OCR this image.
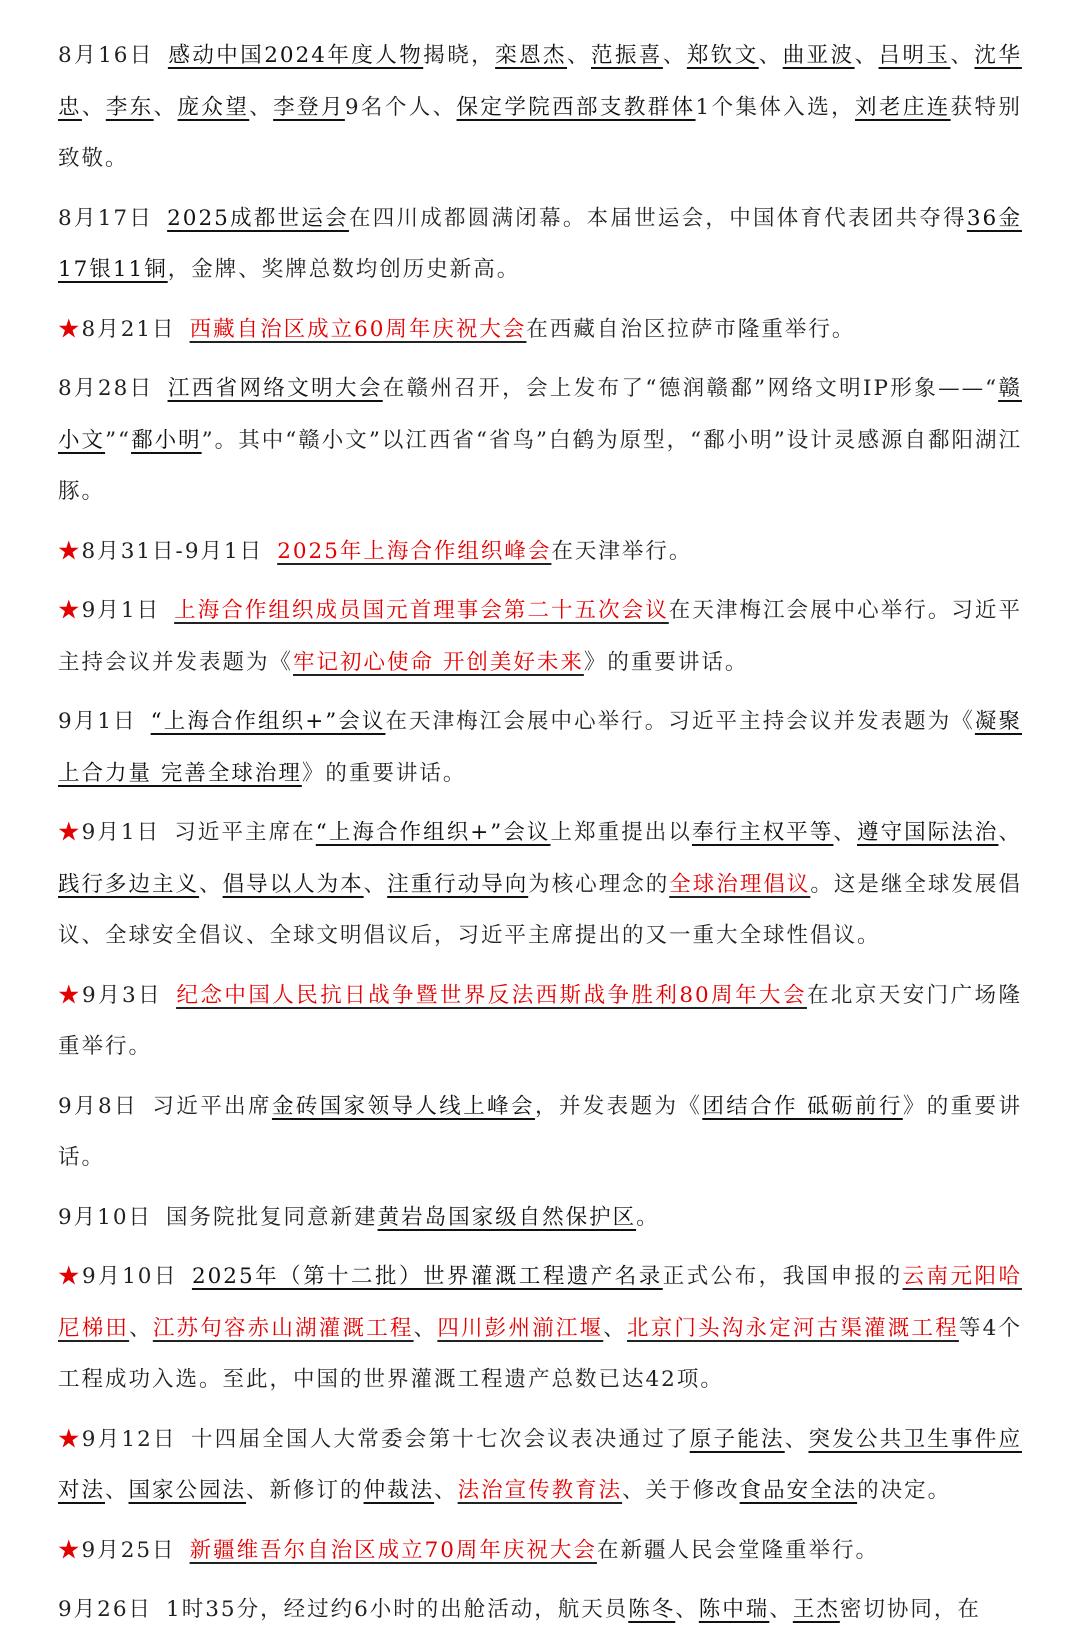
8月16日 感动中国2024年度人物揭晓，栾恩杰、范振喜、郑钦文、曲亚波、吕明玉、沈华忠、李东、庞众望、李登月9名个人、保定学院西部支教群体1个集体入选，刘老庄连获特别致敬。

8月17日 2025成都世运会在四川成都圆满闭幕。本届世运会，中国体育代表团共夺得36金17银11铜，金牌、奖牌总数均创历史新高。

★8月21日 西藏自治区成立60周年庆祝大会在西藏自治区拉萨市隆重举行。

8月28日 江西省网络文明大会在赣州召开，会上发布了“德润赣鄱”网络文明IP形象——“赣小文”“鄱小明”。其中“赣小文”以江西省“省鸟”白鹤为原型，“鄱小明”设计灵感源自鄱阳湖江豚。

★8月31日-9月1日 2025年上海合作组织峰会在天津举行。

★9月1日 上海合作组织成员国元首理事会第二十五次会议在天津梅江会展中心举行。习近平主持会议并发表题为《牢记初心使命 开创美好未来》的重要讲话。

9月1日 “上海合作组织+”会议在天津梅江会展中心举行。习近平主持会议并发表题为《凝聚上合力量 完善全球治理》的重要讲话。

★9月1日 习近平主席在“上海合作组织+”会议上郑重提出以奉行主权平等、遵守国际法治、践行多边主义、倡导以人为本、注重行动导向为核心理念的全球治理倡议。这是继全球发展倡议、全球安全倡议、全球文明倡议后，习近平主席提出的又一重大全球性倡议。

★9月3日 纪念中国人民抗日战争暨世界反法西斯战争胜利80周年大会在北京天安门广场隆重举行。

9月8日 习近平出席金砖国家领导人线上峰会，并发表题为《团结合作 砥砺前行》的重要讲话。

9月10日 国务院批复同意新建黄岩岛国家级自然保护区。

★9月10日 2025年（第十二批）世界灌溉工程遗产名录正式公布，我国申报的云南元阳哈尼梯田、江苏句容赤山湖灌溉工程、四川彭州湔江堰、北京门头沟永定河古渠灌溉工程等4个工程成功入选。至此，中国的世界灌溉工程遗产总数已达42项。

★9月12日 十四届全国人大常委会第十七次会议表决通过了原子能法、突发公共卫生事件应对法、国家公园法、新修订的仲裁法、法治宣传教育法、关于修改食品安全法的决定。

★9月25日 新疆维吾尔自治区成立70周年庆祝大会在新疆人民会堂隆重举行。

9月26日 1时35分，经过约6小时的出舱活动，航天员陈冬、陈中瑞、王杰密切协同，在
